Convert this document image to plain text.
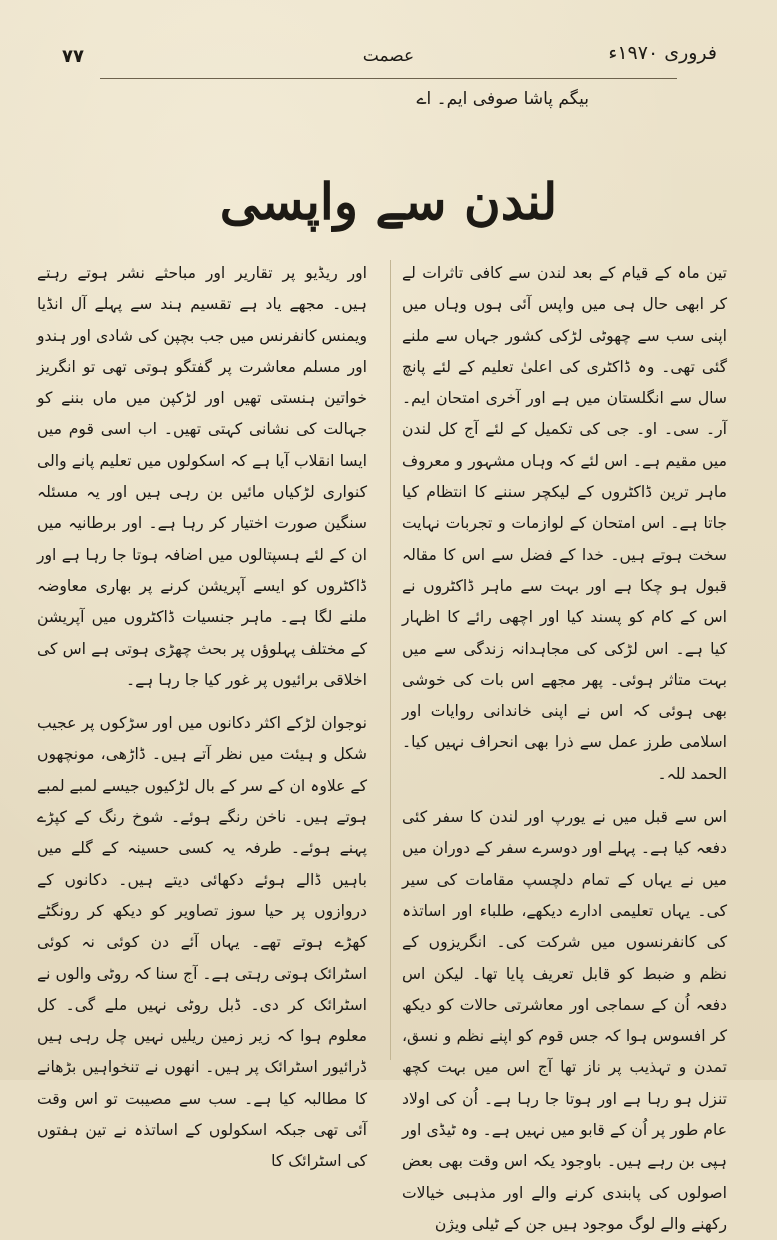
۷۷	عصمت	فروری ۱۹۷۰ء
بیگم پاشا صوفی ایم۔ اے
لندن سے واپسی

تین ماہ کے قیام کے بعد لندن سے کافی تاثرات لے کر ابھی حال ہی میں واپس آئی ہوں وہاں میں اپنی سب سے چھوٹی لڑکی کشور جہاں سے ملنے گئی تھی۔ وہ ڈاکٹری کی اعلیٰ تعلیم کے لئے پانچ سال سے انگلستان میں ہے اور آخری امتحان ایم۔ آر۔ سی۔ او۔ جی کی تکمیل کے لئے آج کل لندن میں مقیم ہے۔ اس لئے کہ وہاں مشہور و معروف ماہر ترین ڈاکٹروں کے لیکچر سننے کا انتظام کیا جاتا ہے۔ اس امتحان کے لوازمات و تجربات نہایت سخت ہوتے ہیں۔ خدا کے فضل سے اس کا مقالہ قبول ہو چکا ہے اور بہت سے ماہر ڈاکٹروں نے اس کے کام کو پسند کیا اور اچھی رائے کا اظہار کیا ہے۔ اس لڑکی کی مجاہدانہ زندگی سے میں بہت متاثر ہوئی۔ پھر مجھے اس بات کی خوشی بھی ہوئی کہ اس نے اپنی خاندانی روایات اور اسلامی طرز عمل سے ذرا بھی انحراف نہیں کیا۔ الحمد للہ۔

اس سے قبل میں نے یورپ اور لندن کا سفر کئی دفعہ کیا ہے۔ پہلے اور دوسرے سفر کے دوران میں میں نے یہاں کے تمام دلچسپ مقامات کی سیر کی۔ یہاں تعلیمی ادارے دیکھے، طلباء اور اساتذہ کی کانفرنسوں میں شرکت کی۔ انگریزوں کے نظم و ضبط کو قابل تعریف پایا تھا۔ لیکن اس دفعہ اُن کے سماجی اور معاشرتی حالات کو دیکھ کر افسوس ہوا کہ جس قوم کو اپنے نظم و نسق، تمدن و تہذیب پر ناز تھا آج اس میں بہت کچھ تنزل ہو رہا ہے اور ہوتا جا رہا ہے۔ اُن کی اولاد عام طور پر اُن کے قابو میں نہیں ہے۔ وہ ٹیڈی اور ہپی بن رہے ہیں۔ باوجود یکہ اس وقت بھی بعض اصولوں کی پابندی کرنے والے اور مذہبی خیالات رکھنے والے لوگ موجود ہیں جن کے ٹیلی ویژن

اور ریڈیو پر تقاریر اور مباحثے نشر ہوتے رہتے ہیں۔ مجھے یاد ہے تقسیم ہند سے پہلے آل انڈیا ویمنس کانفرنس میں جب بچپن کی شادی اور ہندو اور مسلم معاشرت پر گفتگو ہوتی تھی تو انگریز خواتین ہنستی تھیں اور لڑکپن میں ماں بننے کو جہالت کی نشانی کہتی تھیں۔ اب اسی قوم میں ایسا انقلاب آیا ہے کہ اسکولوں میں تعلیم پانے والی کنواری لڑکیاں مائیں بن رہی ہیں اور یہ مسئلہ سنگین صورت اختیار کر رہا ہے۔ اور برطانیہ میں ان کے لئے ہسپتالوں میں اضافہ ہوتا جا رہا ہے اور ڈاکٹروں کو ایسے آپریشن کرنے پر بھاری معاوضہ ملنے لگا ہے۔ ماہر جنسیات ڈاکٹروں میں آپریشن کے مختلف پہلوؤں پر بحث چھڑی ہوتی ہے اس کی اخلاقی برائیوں پر غور کیا جا رہا ہے۔

نوجوان لڑکے اکثر دکانوں میں اور سڑکوں پر عجیب شکل و ہیئت میں نظر آتے ہیں۔ ڈاڑھی، مونچھوں کے علاوہ ان کے سر کے بال لڑکیوں جیسے لمبے لمبے ہوتے ہیں۔ ناخن رنگے ہوئے۔ شوخ رنگ کے کپڑے پہنے ہوئے۔ طرفہ یہ کسی حسینہ کے گلے میں باہیں ڈالے ہوئے دکھائی دیتے ہیں۔ دکانوں کے دروازوں پر حیا سوز تصاویر کو دیکھ کر رونگٹے کھڑے ہوتے تھے۔ یہاں آئے دن کوئی نہ کوئی اسٹرائک ہوتی رہتی ہے۔ آج سنا کہ روٹی والوں نے اسٹرائک کر دی۔ ڈبل روٹی نہیں ملے گی۔ کل معلوم ہوا کہ زیر زمین ریلیں نہیں چل رہی ہیں ڈرائیور اسٹرائک پر ہیں۔ انھوں نے تنخواہیں بڑھانے کا مطالبہ کیا ہے۔ سب سے مصیبت تو اس وقت آئی تھی جبکہ اسکولوں کے اساتذہ نے تین ہفتوں کی اسٹرائک کا
